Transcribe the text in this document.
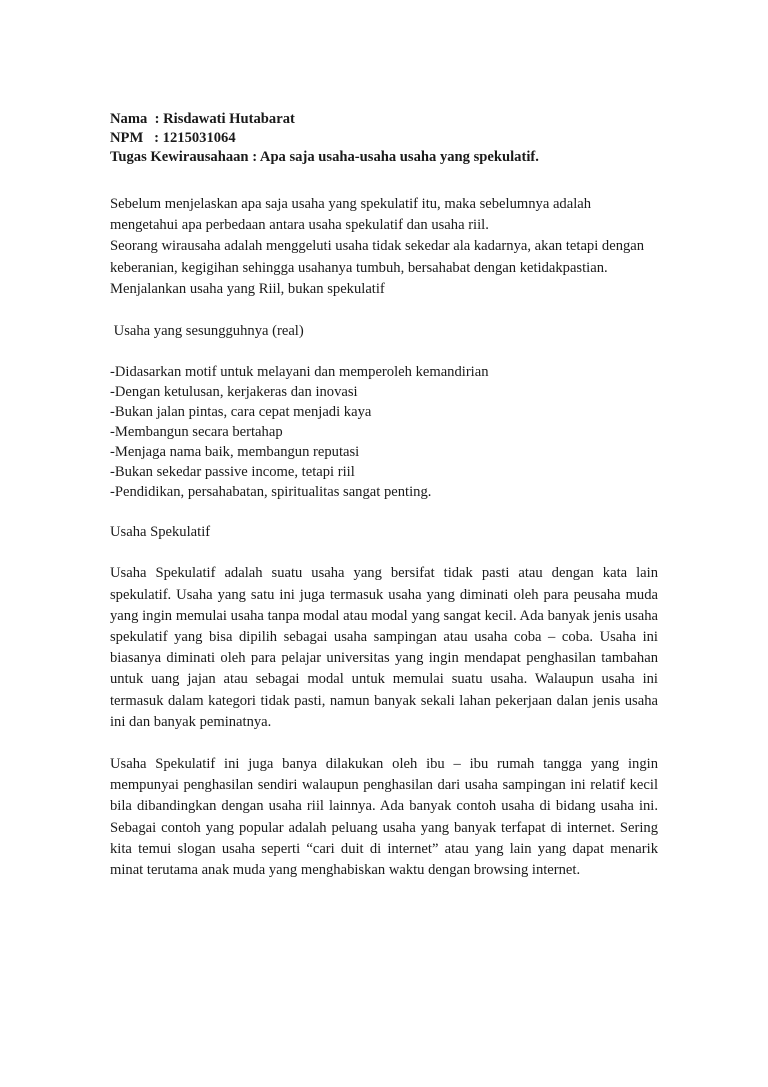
Nama  : Risdawati Hutabarat
NPM   : 1215031064
Tugas Kewirausahaan : Apa saja usaha-usaha usaha yang spekulatif.

Sebelum menjelaskan apa saja usaha yang spekulatif itu, maka sebelumnya adalah mengetahui apa perbedaan antara usaha spekulatif dan usaha riil.

Seorang wirausaha adalah menggeluti usaha tidak sekedar ala kadarnya, akan tetapi dengan keberanian, kegigihan sehingga usahanya tumbuh, bersahabat dengan ketidakpastian. Menjalankan usaha yang Riil, bukan spekulatif

Usaha yang sesungguhnya (real)

-Didasarkan motif untuk melayani dan memperoleh kemandirian
-Dengan ketulusan, kerjakeras dan inovasi
-Bukan jalan pintas, cara cepat menjadi kaya
-Membangun secara bertahap
-Menjaga nama baik, membangun reputasi
-Bukan sekedar passive income, tetapi riil
-Pendidikan, persahabatan, spiritualitas sangat penting.

Usaha Spekulatif

Usaha Spekulatif adalah suatu usaha yang bersifat tidak pasti atau dengan kata lain spekulatif. Usaha yang satu ini juga termasuk usaha yang diminati oleh para peusaha muda yang ingin memulai usaha tanpa modal atau modal yang sangat kecil. Ada banyak jenis usaha spekulatif yang bisa dipilih sebagai usaha sampingan atau usaha coba – coba. Usaha ini biasanya diminati oleh para pelajar universitas yang ingin mendapat penghasilan tambahan untuk uang jajan atau sebagai modal untuk memulai suatu usaha. Walaupun usaha ini termasuk dalam kategori tidak pasti, namun banyak sekali lahan pekerjaan dalan jenis usaha ini dan banyak peminatnya.

Usaha Spekulatif ini juga banya dilakukan oleh ibu – ibu rumah tangga yang ingin mempunyai penghasilan sendiri walaupun penghasilan dari usaha sampingan ini relatif kecil bila dibandingkan dengan usaha riil lainnya. Ada banyak contoh usaha di bidang usaha ini. Sebagai contoh yang popular adalah peluang usaha yang banyak terfapat di internet. Sering kita temui slogan usaha seperti “cari duit di internet” atau yang lain yang dapat menarik minat terutama anak muda yang menghabiskan waktu dengan browsing internet.
